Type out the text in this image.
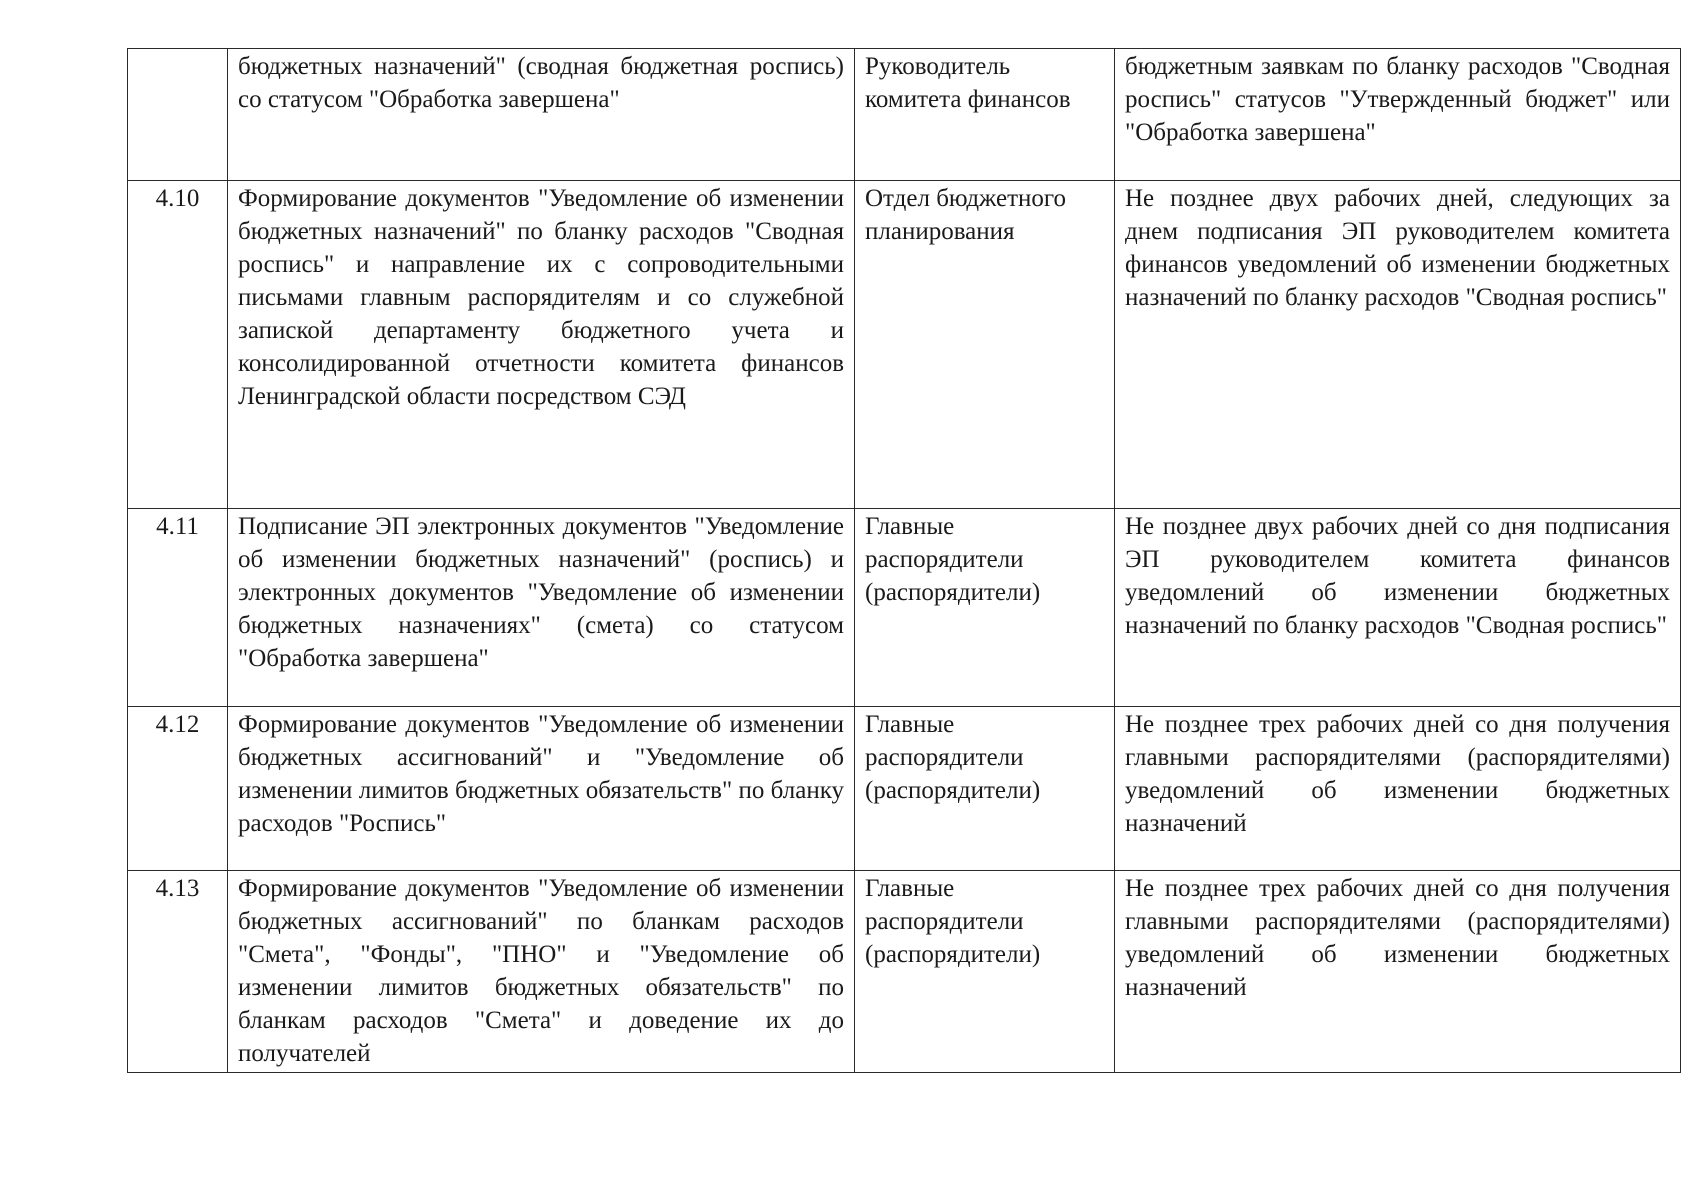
	бюджетных назначений" (сводная бюджетная роспись) со статусом "Обработка завершена"	Руководитель комитета финансов	бюджетным заявкам по бланку расходов "Сводная роспись" статусов "Утвержденный бюджет" или "Обработка завершена"
4.10	Формирование документов "Уведомление об изменении бюджетных назначений" по бланку расходов "Сводная роспись" и направление их с сопроводительными письмами главным распорядителям и со служебной запиской департаменту бюджетного учета и консолидированной отчетности комитета финансов Ленинградской области посредством СЭД	Отдел бюджетного планирования	Не позднее двух рабочих дней, следующих за днем подписания ЭП руководителем комитета финансов уведомлений об изменении бюджетных назначений по бланку расходов "Сводная роспись"
4.11	Подписание ЭП электронных документов "Уведомление об изменении бюджетных назначений" (роспись) и электронных документов "Уведомление об изменении бюджетных назначениях" (смета) со статусом "Обработка завершена"	Главные распорядители (распорядители)	Не позднее двух рабочих дней со дня подписания ЭП руководителем комитета финансов уведомлений об изменении бюджетных назначений по бланку расходов "Сводная роспись"
4.12	Формирование документов "Уведомление об изменении бюджетных ассигнований" и "Уведомление об изменении лимитов бюджетных обязательств" по бланку расходов "Роспись"	Главные распорядители (распорядители)	Не позднее трех рабочих дней со дня получения главными распорядителями (распорядителями) уведомлений об изменении бюджетных назначений
4.13	Формирование документов "Уведомление об изменении бюджетных ассигнований" по бланкам расходов "Смета", "Фонды", "ПНО" и "Уведомление об изменении лимитов бюджетных обязательств" по бланкам расходов "Смета" и доведение их до получателей	Главные распорядители (распорядители)	Не позднее трех рабочих дней со дня получения главными распорядителями (распорядителями) уведомлений об изменении бюджетных назначений
